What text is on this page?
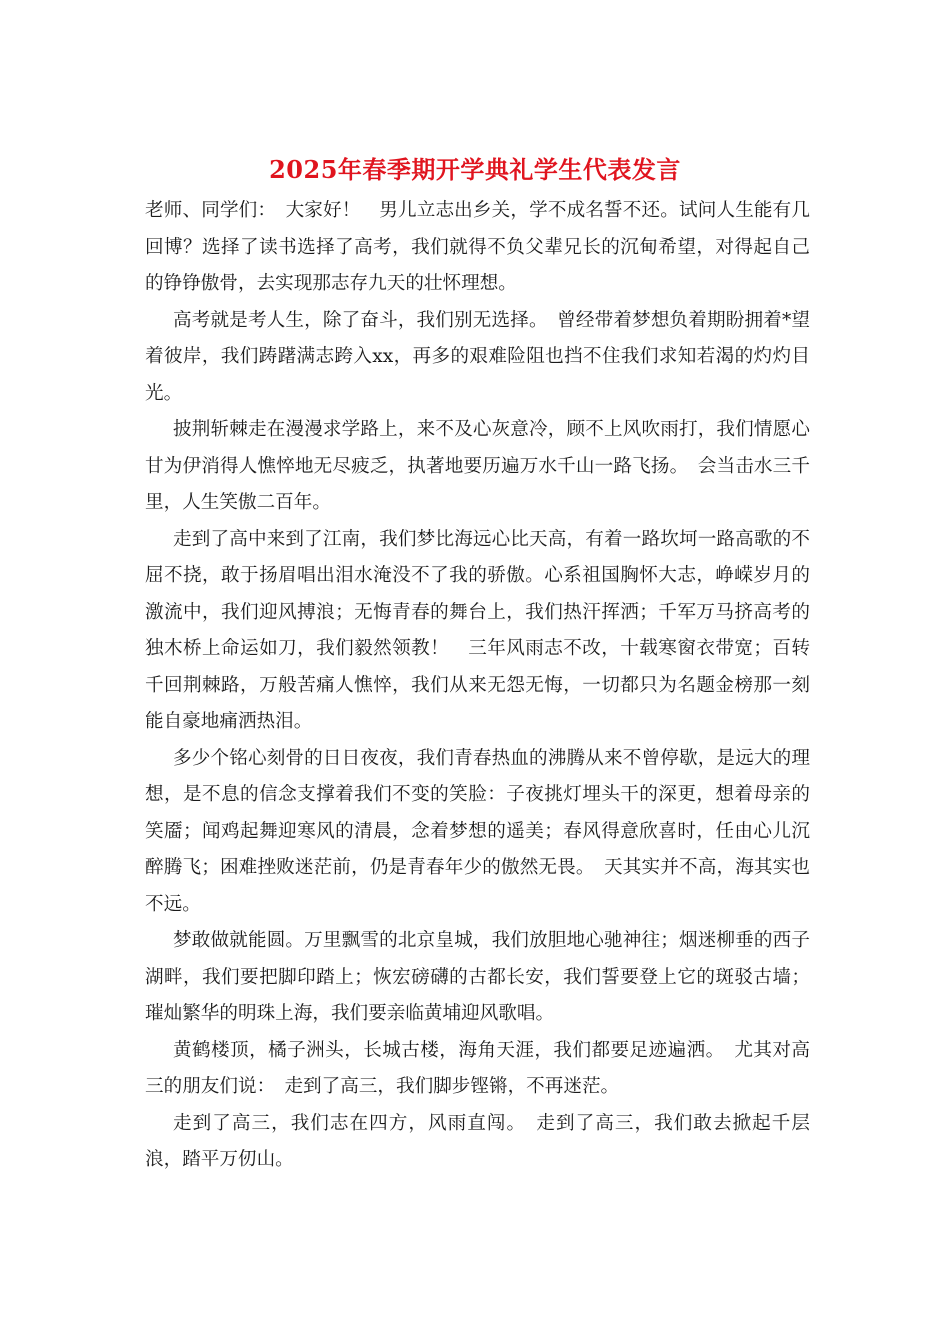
2025年春季期开学典礼学生代表发言

老师、同学们：　大家好！　男儿立志出乡关，学不成名誓不还。试问人生能有几回博？选择了读书选择了高考，我们就得不负父辈兄长的沉甸希望，对得起自己的铮铮傲骨，去实现那志存九天的壮怀理想。

高考就是考人生，除了奋斗，我们别无选择。　曾经带着梦想负着期盼拥着*望着彼岸，我们踌躇满志跨入xx，再多的艰难险阻也挡不住我们求知若渴的灼灼目光。

披荆斩棘走在漫漫求学路上，来不及心灰意冷，顾不上风吹雨打，我们情愿心甘为伊消得人憔悴地无尽疲乏，执著地要历遍万水千山一路飞扬。　会当击水三千里，人生笑傲二百年。

走到了高中来到了江南，我们梦比海远心比天高，有着一路坎坷一路高歌的不屈不挠，敢于扬眉唱出泪水淹没不了我的骄傲。心系祖国胸怀大志，峥嵘岁月的激流中，我们迎风搏浪；无悔青春的舞台上，我们热汗挥洒；千军万马挤高考的独木桥上命运如刀，我们毅然领教！　三年风雨志不改，十载寒窗衣带宽；百转千回荆棘路，万般苦痛人憔悴，我们从来无怨无悔，一切都只为名题金榜那一刻能自豪地痛洒热泪。

多少个铭心刻骨的日日夜夜，我们青春热血的沸腾从来不曾停歇，是远大的理想，是不息的信念支撑着我们不变的笑脸：子夜挑灯埋头干的深更，想着母亲的笑靥；闻鸡起舞迎寒风的清晨，念着梦想的遥美；春风得意欣喜时，任由心儿沉醉腾飞；困难挫败迷茫前，仍是青春年少的傲然无畏。　天其实并不高，海其实也不远。

梦敢做就能圆。万里飘雪的北京皇城，我们放胆地心驰神往；烟迷柳垂的西子湖畔，我们要把脚印踏上；恢宏磅礴的古都长安，我们誓要登上它的斑驳古墙；璀灿繁华的明珠上海，我们要亲临黄埔迎风歌唱。

黄鹤楼顶，橘子洲头，长城古楼，海角天涯，我们都要足迹遍洒。　尤其对高三的朋友们说：　走到了高三，我们脚步铿锵，不再迷茫。

走到了高三，我们志在四方，风雨直闯。　走到了高三，我们敢去掀起千层浪，踏平万仞山。
